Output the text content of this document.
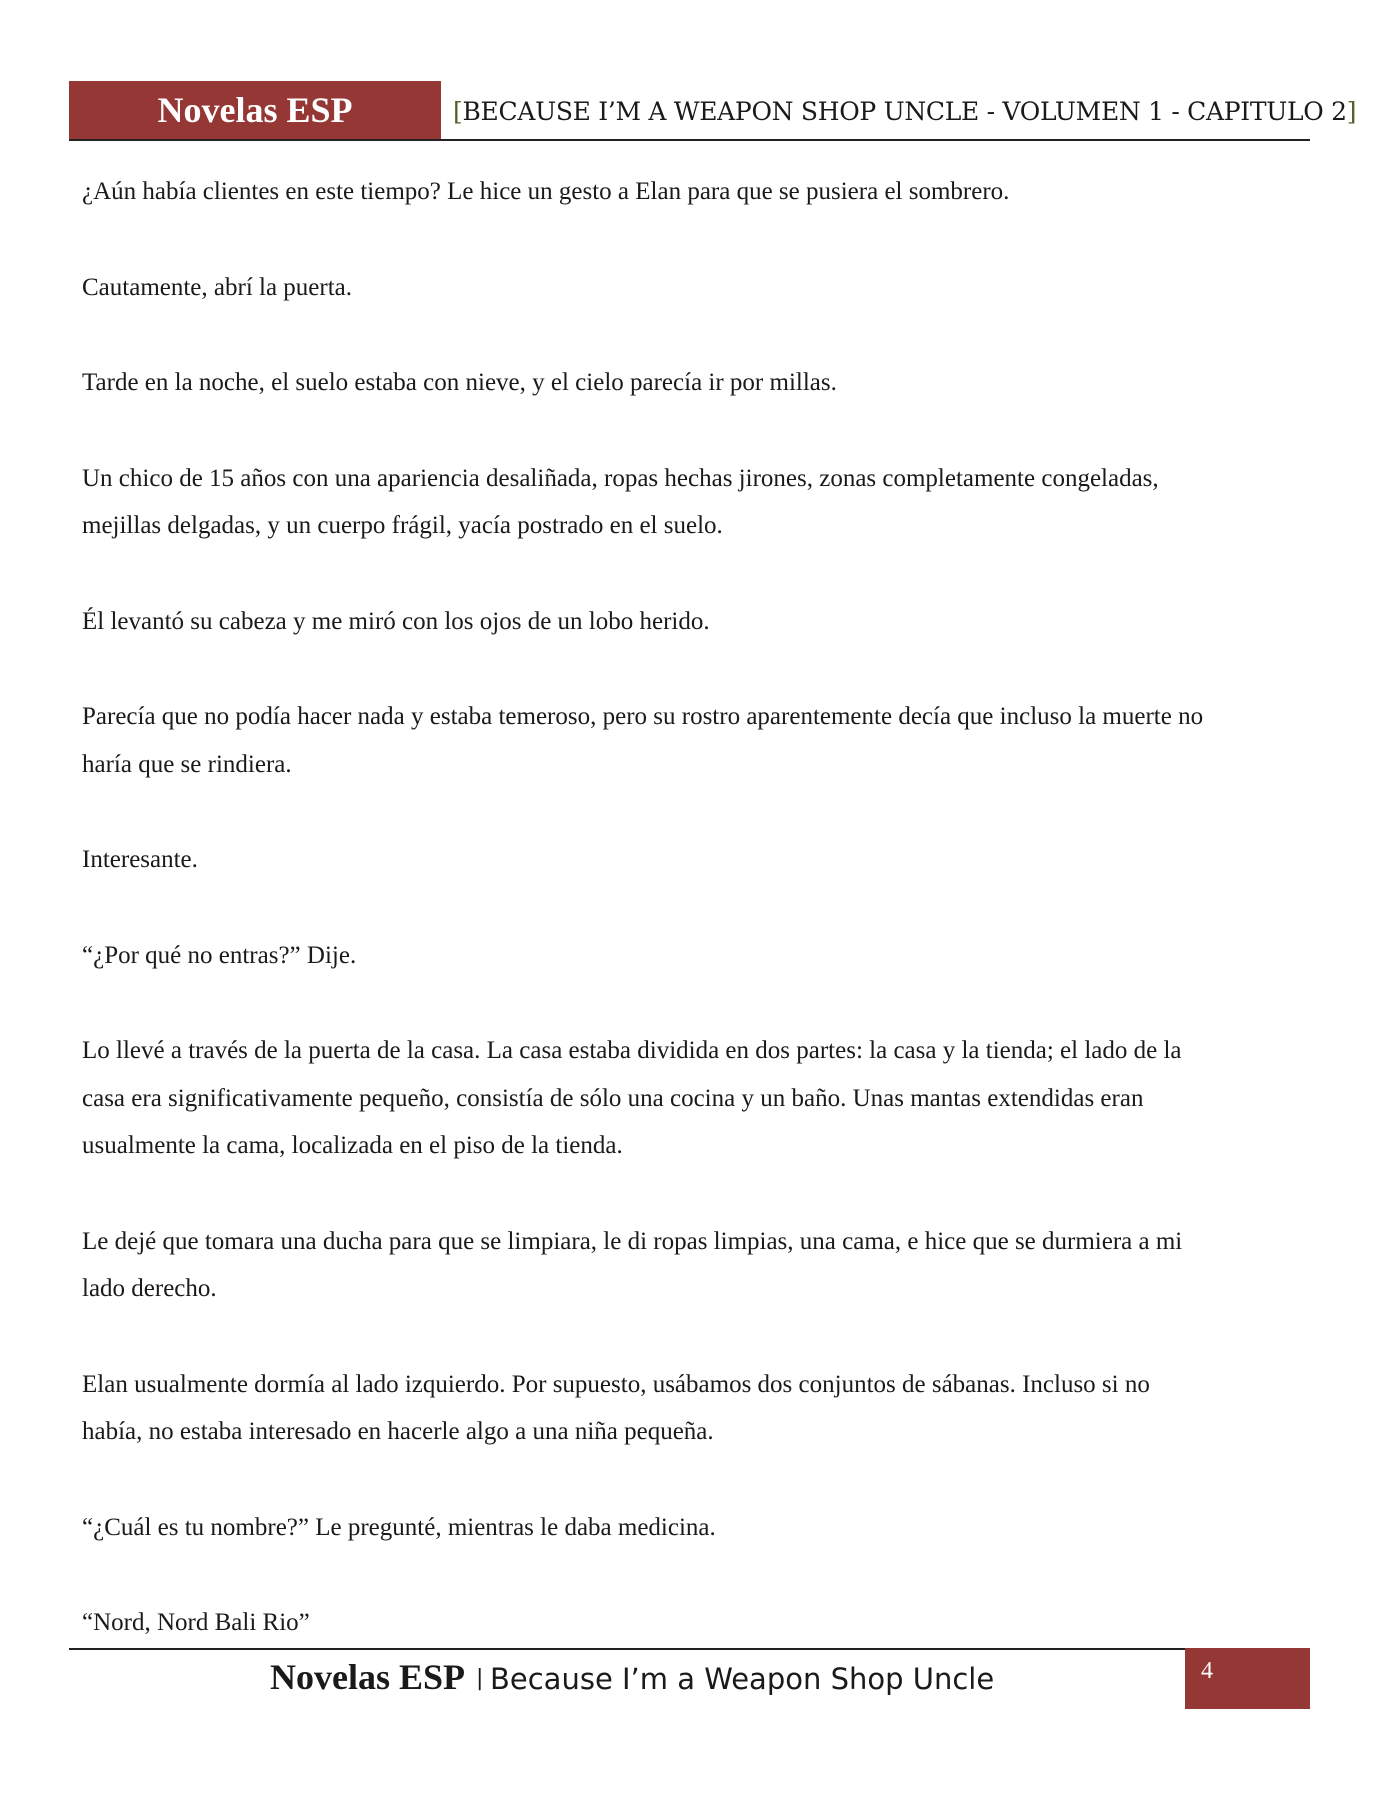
Novelas ESP	[BECAUSE I’M A WEAPON SHOP UNCLE - VOLUMEN 1 - CAPITULO 2]

¿Aún había clientes en este tiempo? Le hice un gesto a Elan para que se pusiera el sombrero.

Cautamente, abrí la puerta.

Tarde en la noche, el suelo estaba con nieve, y el cielo parecía ir por millas.

Un chico de 15 años con una apariencia desaliñada, ropas hechas jirones, zonas completamente congeladas,
mejillas delgadas, y un cuerpo frágil, yacía postrado en el suelo.

Él levantó su cabeza y me miró con los ojos de un lobo herido.

Parecía que no podía hacer nada y estaba temeroso, pero su rostro aparentemente decía que incluso la muerte no
haría que se rindiera.

Interesante.

“¿Por qué no entras?” Dije.

Lo llevé a través de la puerta de la casa. La casa estaba dividida en dos partes: la casa y la tienda; el lado de la
casa era significativamente pequeño, consistía de sólo una cocina y un baño. Unas mantas extendidas eran
usualmente la cama, localizada en el piso de la tienda.

Le dejé que tomara una ducha para que se limpiara, le di ropas limpias, una cama, e hice que se durmiera a mi
lado derecho.

Elan usualmente dormía al lado izquierdo. Por supuesto, usábamos dos conjuntos de sábanas. Incluso si no
había, no estaba interesado en hacerle algo a una niña pequeña.

“¿Cuál es tu nombre?” Le pregunté, mientras le daba medicina.

“Nord, Nord Bali Rio”

Novelas ESP | Because I’m a Weapon Shop Uncle	4
